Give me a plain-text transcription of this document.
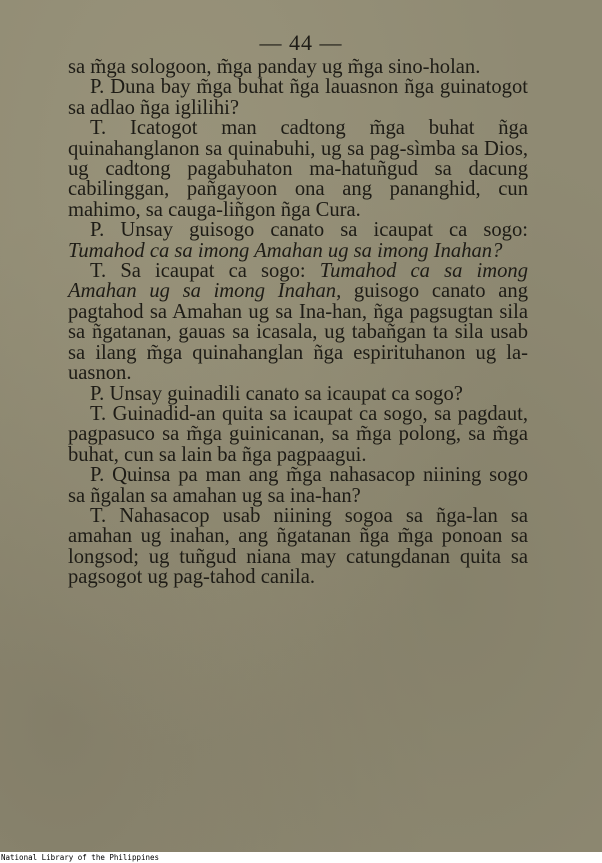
— 44 —

sa m̃ga sologoon, m̃ga panday ug m̃ga sino-holan.

P. Duna bay m̃ga buhat ñga lauasnon ñga guinatogot sa adlao ñga iglilihi?

T. Icatogot man cadtong m̃ga buhat ñga quinahanglanon sa quinabuhi, ug sa pag-sìmba sa Dios, ug cadtong pagabuhaton ma-hatuñgud sa dacung cabilinggan, pañgayoon ona ang pananghid, cun mahimo, sa cauga-liñgon ñga Cura.

P. Unsay guisogo canato sa icaupat ca sogo: Tumahod ca sa imong Amahan ug sa imong Inahan?

T. Sa icaupat ca sogo: Tumahod ca sa imong Amahan ug sa imong Inahan, guisogo canato ang pagtahod sa Amahan ug sa Ina-han, ñga pagsugtan sila sa ñgatanan, gauas sa icasala, ug tabañgan ta sila usab sa ilang m̃ga quinahanglan ñga espirituhanon ug la-uasnon.

P. Unsay guinadili canato sa icaupat ca sogo?

T. Guinadid-an quita sa icaupat ca sogo, sa pagdaut, pagpasuco sa m̃ga guinicanan, sa m̃ga polong, sa m̃ga buhat, cun sa lain ba ñga pagpaagui.

P. Quinsa pa man ang m̃ga nahasacop niining sogo sa ñgalan sa amahan ug sa ina-han?

T. Nahasacop usab niining sogoa sa ñga-lan sa amahan ug inahan, ang ñgatanan ñga m̃ga ponoan sa longsod; ug tuñgud niana may catungdanan quita sa pagsogot ug pag-tahod canila.

National Library of the Philippines
